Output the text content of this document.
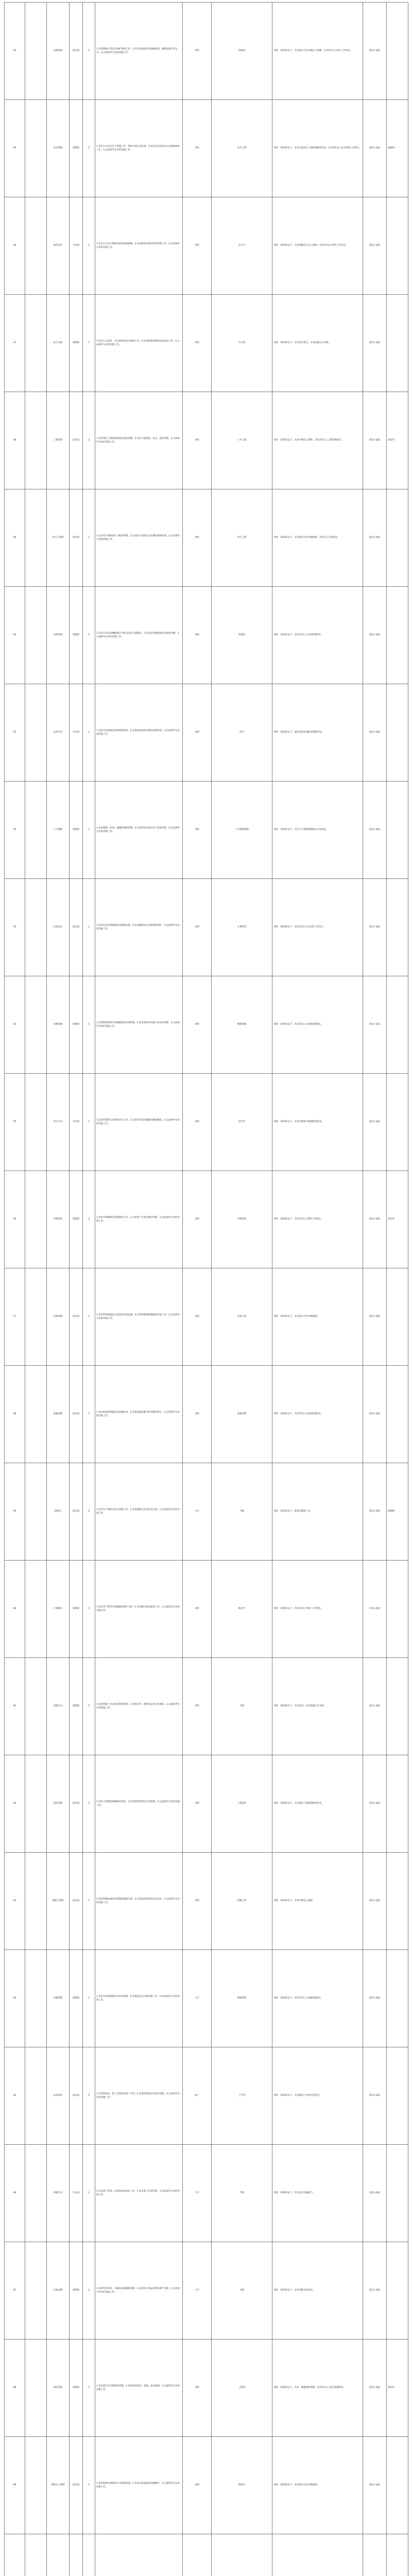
44		设备管理	技术岗	1	1.负责系统日常运行维护管理工作。2.负责设备巡检及故障排查，确保设备正常运行。3.完成领导交办的其他工作。	本科	机械类	年龄：35周岁以下；具有相关专业中级以上职称；具有3年以上相关工作经历。	笔试+面试	
45		安全管理	管理岗	1	1.负责公司安全生产管理工作，组织开展安全检查。2.负责安全培训及应急演练组织工作。3.完成领导交办的其他工作。	本科	安全工程	年龄：35周岁以下；具有注册安全工程师资格者优先；具有3年以上安全管理工作经历。	笔试+面试	需值班
46		财务会计	专业岗	1	1.负责公司会计核算及财务报表编制。2.负责税务申报及资金管理工作。3.完成领导交办的其他工作。	本科	会计学	年龄：35周岁以下；具有初级会计以上职称；具有2年以上财务工作经历。	笔试+面试	
47		综合文秘	管理岗	1	1.负责公文起草、会议组织及综合协调工作。2.负责档案管理及信息报送工作。3.完成领导交办的其他工作。	本科	中文类	年龄：35周岁以下；中共党员优先；具有较强文字功底。	笔试+面试	
48		工程管理	技术岗	2	1.负责项目工程现场管理及进度控制。2.负责工程质量、安全、造价管理。3.完成领导交办的其他工作。	本科	土木工程	年龄：35周岁以下；具有中级以上职称；具有3年以上工程管理经历。	笔试+面试	需驻外
49		电气工程师	技术岗	1	1.负责电气系统设计与维护管理。2.负责电气设备运行监测及故障处理。3.完成领导交办的其他工作。	本科	电气工程	年龄：35周岁以下；具有相关专业中级职称；具有电工证者优先。	笔试+面试	
50		运营管理	管理岗	1	1.负责公司运营数据统计分析及运营方案制定。2.负责运营流程优化及绩效考核。3.完成领导交办的其他工作。	本科	管理类	年龄：35周岁以下；具有3年以上运营管理经历。	笔试+面试	
51		法务专员	专业岗	1	1.负责合同审核及法律风险防控。2.负责诉讼案件处理及法律咨询。3.完成领导交办的其他工作。	本科	法学	年龄：35周岁以下；通过国家法律职业资格考试。	笔试+面试	
52		人力资源	管理岗	1	1.负责招聘、培训、薪酬及绩效管理。2.负责劳动关系及员工档案管理。3.完成领导交办的其他工作。	本科	人力资源管理	年龄：35周岁以下；具有人力资源管理师证书者优先。	笔试+面试	
53		信息技术	技术岗	1	1.负责信息化系统建设及网络运维。2.负责数据安全及软硬件维护。3.完成领导交办的其他工作。	本科	计算机类	年龄：35周岁以下；具有2年以上信息化工作经历。	笔试+面试	
54		采购管理	管理岗	1	1.负责物资采购计划编制及供应商管理。2.负责采购合同执行及成本控制。3.完成领导交办的其他工作。	本科	物流管理	年龄：35周岁以下；具有3年以上采购管理经历。	笔试+面试	
55		审计专员	专业岗	1	1.负责内部审计及风险评估工作。2.负责审计报告编制及整改跟踪。3.完成领导交办的其他工作。	本科	审计学	年龄：35周岁以下；具有中级审计师职称者优先。	笔试+面试	
56		市场营销	管理岗	2	1.负责市场调研及营销策划工作。2.负责客户开发及维护管理。3.完成领导交办的其他工作。	本科	市场营销	年龄：35周岁以下；具有3年以上营销工作经历。	笔试+面试	需出差
57		环保管理	技术岗	1	1.负责环保设施运行监督及环境监测。2.负责环保资料编制及申报工作。3.完成领导交办的其他工作。	本科	环境工程	年龄：35周岁以下；具有相关专业中级职称。	笔试+面试	
58		质量管理	技术岗	1	1.负责质量体系建设及质量检查。2.负责质量问题分析及整改落实。3.完成领导交办的其他工作。	本科	质量管理	年龄：35周岁以下；具有3年以上质量管理经历。	笔试+面试	
59		调度员	技术岗	2	1.负责生产调度及运行协调工作。2.负责调度记录及信息汇报。3.完成领导交办的其他工作。	大专	不限	年龄：35周岁以下；能适应倒班工作。	笔试+面试	需倒班
60		计划统计	管理岗	1	1.负责生产经营计划编制及统计分析。2.负责统计报表报送工作。3.完成领导交办的其他工作。	本科	统计学	年龄：35周岁以下；具有2年以上统计工作经历。	笔试+面试	
61		党建专员	管理岗	1	1.负责党建工作及党员教育管理。2.负责宣传、群团及企业文化建设。3.完成领导交办的其他工作。	本科	不限	年龄：35周岁以下；中共党员；具有较强文字功底。	笔试+面试	
62		造价管理	技术岗	1	1.负责工程预结算编制及审核。2.负责造价控制及合同管理。3.完成领导交办的其他工作。	本科	工程造价	年龄：35周岁以下；具有造价工程师资格者优先。	笔试+面试	
63		机械工程师	技术岗	1	1.负责机械设备技术管理及维修计划。2.负责设备改造及技术攻关。3.完成领导交办的其他工作。	本科	机械工程	年龄：35周岁以下；具有中级以上职称。	笔试+面试	
64		仓储管理	管理岗	1	1.负责仓库物资收发及库存管理。2.负责盘点及台账管理工作。3.完成领导交办的其他工作。	大专	物流管理	年龄：35周岁以下；具有2年以上仓储管理经历。	笔试+面试	
65		技术研发	技术岗	2	1.负责新技术、新工艺研发及推广应用。2.负责科研项目申报及管理。3.完成领导交办的其他工作。	硕士	工学类	年龄：35周岁以下；具有研发工作经历者优先。	笔试+面试	
66		客服专员	专业岗	1	1.负责客户咨询、投诉处理及回访工作。2.负责客户信息管理。3.完成领导交办的其他工作。	大专	不限	年龄：35周岁以下；具有良好沟通能力。	笔试+面试	
67		行政后勤	管理岗	1	1.负责行政事务、车辆及后勤保障管理。2.负责办公用品采购及资产管理。3.完成领导交办的其他工作。	大专	不限	年龄：35周岁以下；具有驾驶证者优先。	笔试+面试	
68		项目经理	管理岗	1	1.负责项目全过程组织管理。2.负责项目进度、质量、成本控制。3.完成领导交办的其他工作。	本科	工程类	年龄：40周岁以下；具有一级建造师资格；具有5年以上项目管理经历。	笔试+面试	需驻外
69		给排水工程师	技术岗	1	1.负责给排水系统设计及运维管理。2.负责水质监测及设施维护。3.完成领导交办的其他工作。	本科	给排水	年龄：35周岁以下；具有相关专业中级职称。	笔试+面试	
